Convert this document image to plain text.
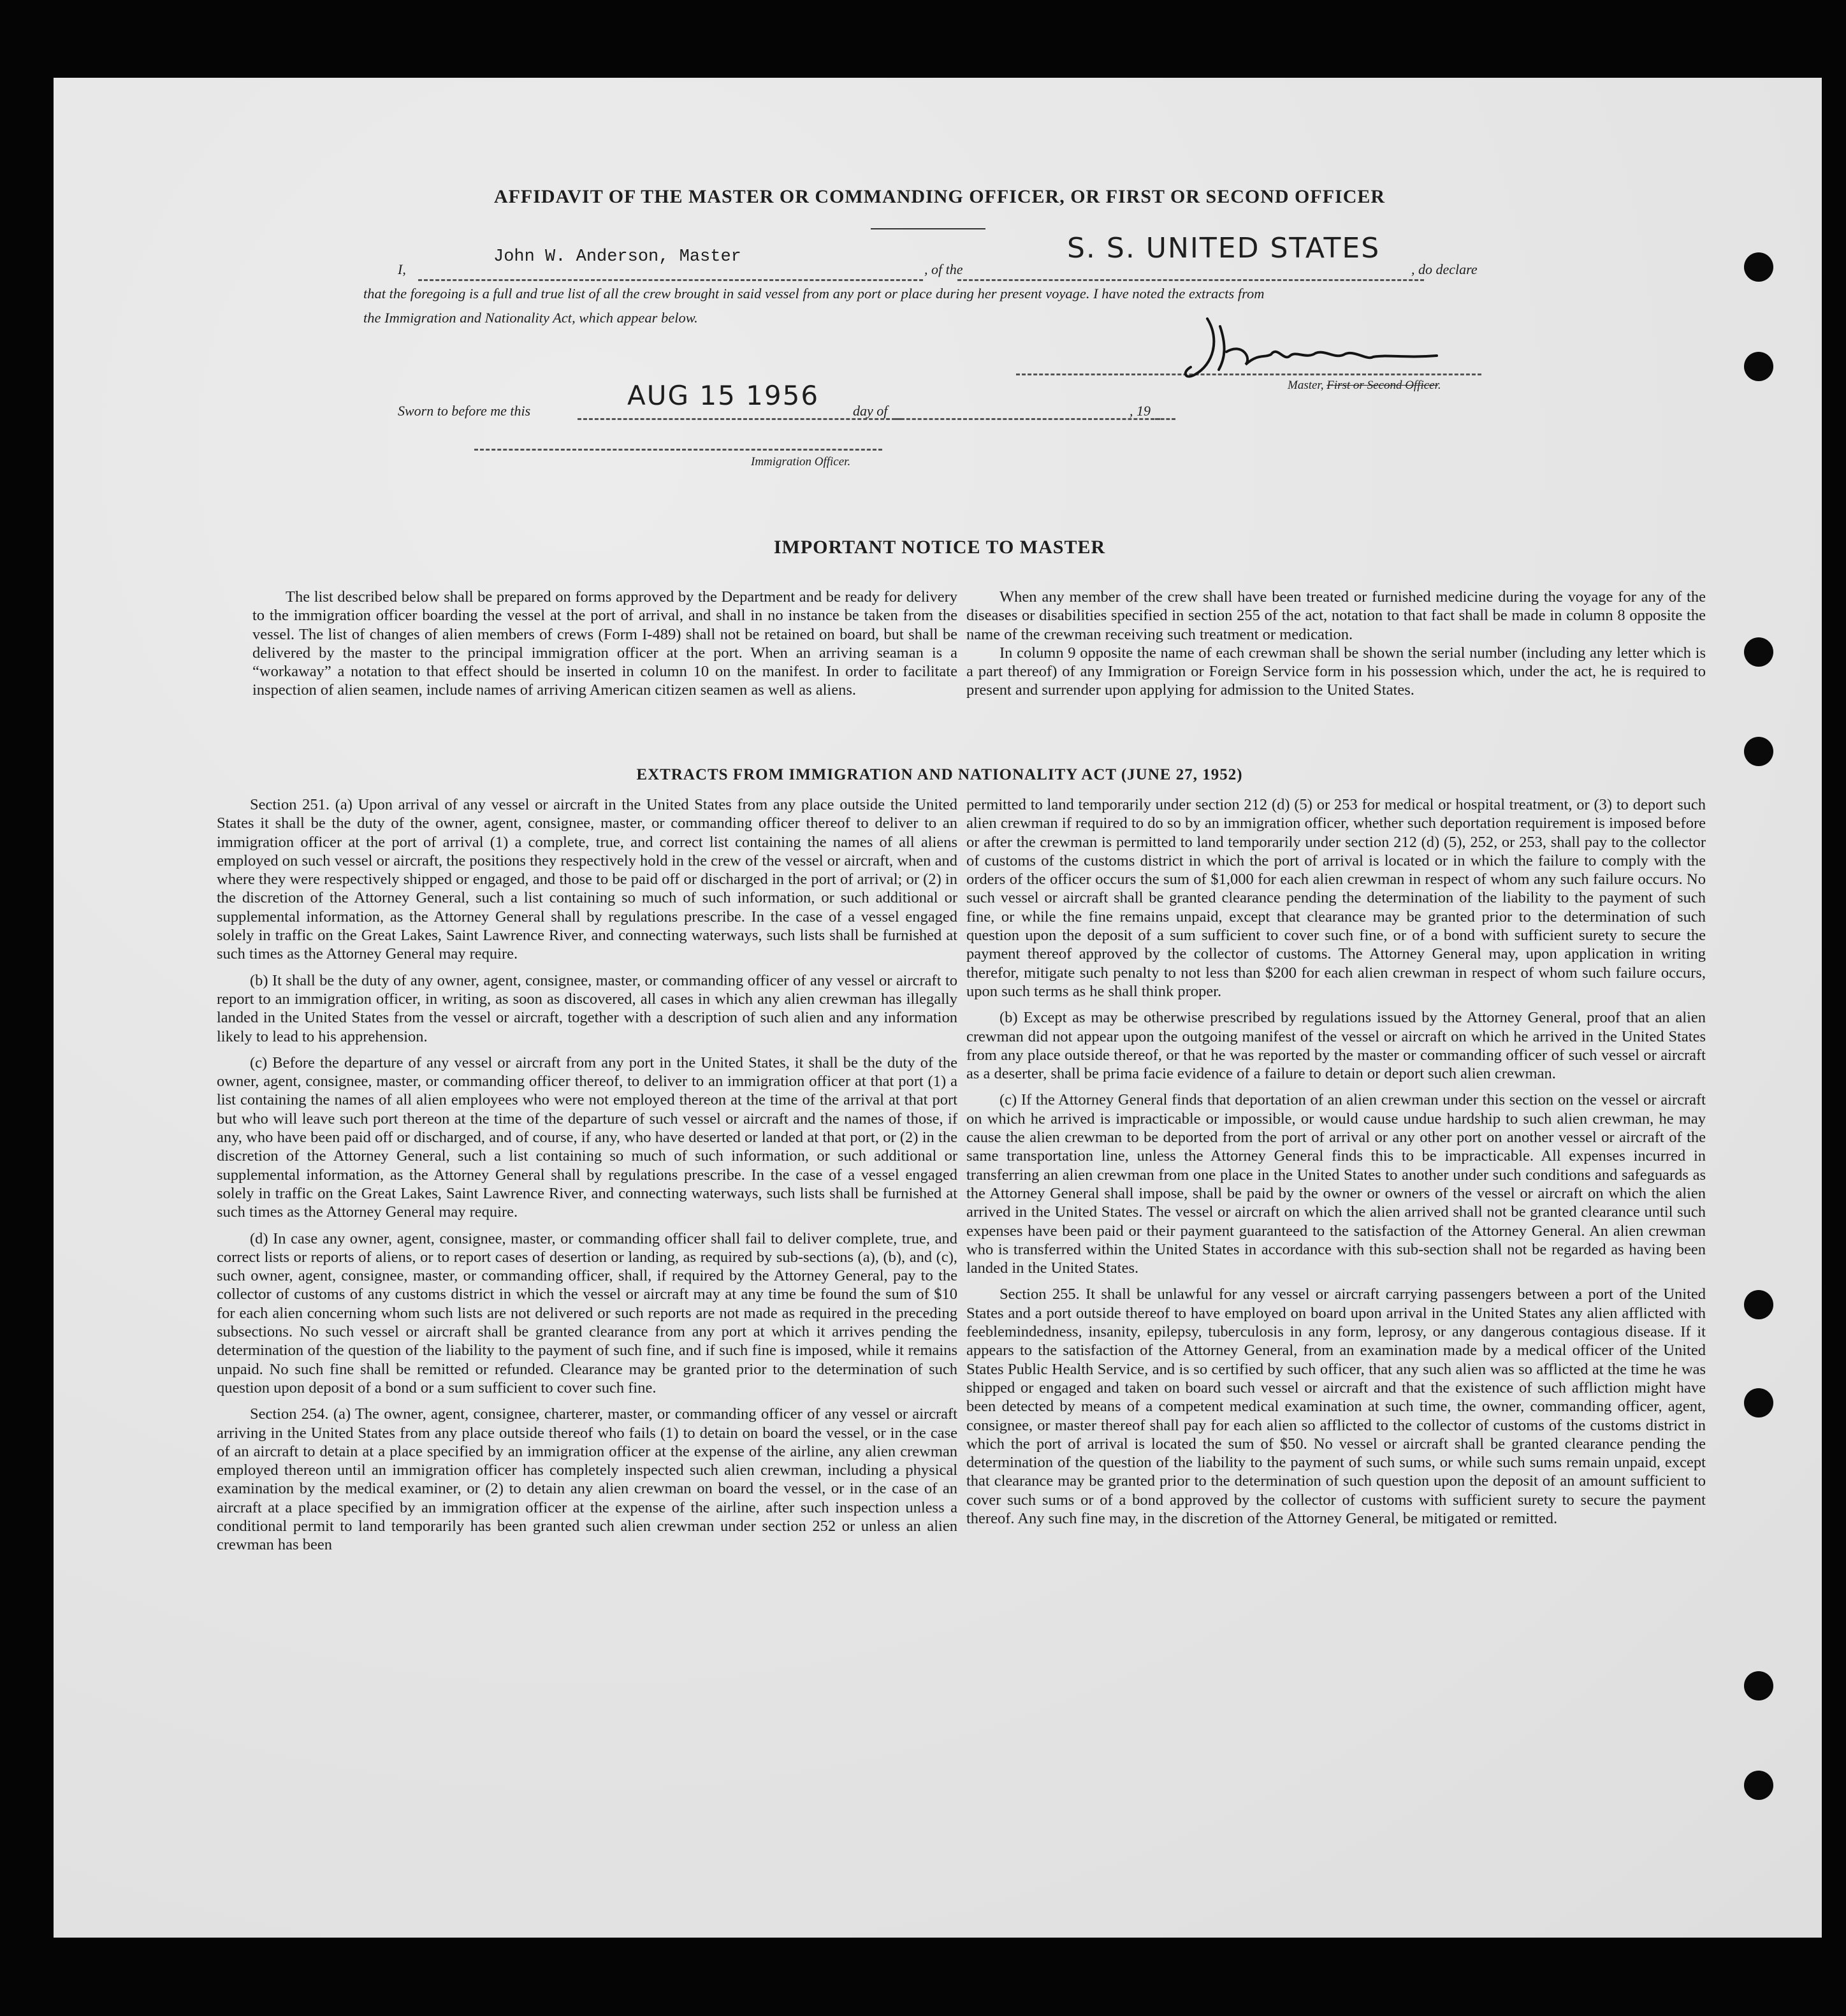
AFFIDAVIT OF THE MASTER OR COMMANDING OFFICER, OR FIRST OR SECOND OFFICER
I,
John W. Anderson, Master
, of the
S. S. UNITED STATES
, do declare
that the foregoing is a full and true list of all the crew brought in said vessel from any port or place during her present voyage. I have noted the extracts from
the Immigration and Nationality Act, which appear below.
Master, First or Second Officer.
Sworn to before me this	AUG 15 1956 day of	, 19
Immigration Officer.
IMPORTANT NOTICE TO MASTER

The list described below shall be prepared on forms approved by the Department and be ready for delivery to the immigration officer boarding the vessel at the port of arrival, and shall in no instance be taken from the vessel. The list of changes of alien members of crews (Form I-489) shall not be retained on board, but shall be delivered by the master to the principal immigration officer at the port. When an arriving seaman is a “workaway” a notation to that effect should be inserted in column 10 on the manifest. In order to facilitate inspection of alien seamen, include names of arriving American citizen seamen as well as aliens.

When any member of the crew shall have been treated or furnished medicine during the voyage for any of the diseases or disabilities specified in section 255 of the act, notation to that fact shall be made in column 8 opposite the name of the crewman receiving such treatment or medication.

In column 9 opposite the name of each crewman shall be shown the serial number (including any letter which is a part thereof) of any Immigration or Foreign Service form in his possession which, under the act, he is required to present and surrender upon applying for admission to the United States.

EXTRACTS FROM IMMIGRATION AND NATIONALITY ACT (JUNE 27, 1952)

Section 251. (a) Upon arrival of any vessel or aircraft in the United States from any place outside the United States it shall be the duty of the owner, agent, consignee, master, or commanding officer thereof to deliver to an immigration officer at the port of arrival (1) a complete, true, and correct list containing the names of all aliens employed on such vessel or aircraft, the positions they respectively hold in the crew of the vessel or aircraft, when and where they were respectively shipped or engaged, and those to be paid off or discharged in the port of arrival; or (2) in the discretion of the Attorney General, such a list containing so much of such information, or such additional or supplemental information, as the Attorney General shall by regulations prescribe. In the case of a vessel engaged solely in traffic on the Great Lakes, Saint Lawrence River, and connecting waterways, such lists shall be furnished at such times as the Attorney General may require.

(b) It shall be the duty of any owner, agent, consignee, master, or commanding officer of any vessel or aircraft to report to an immigration officer, in writing, as soon as discovered, all cases in which any alien crewman has illegally landed in the United States from the vessel or aircraft, together with a description of such alien and any information likely to lead to his apprehension.

(c) Before the departure of any vessel or aircraft from any port in the United States, it shall be the duty of the owner, agent, consignee, master, or commanding officer thereof, to deliver to an immigration officer at that port (1) a list containing the names of all alien employees who were not employed thereon at the time of the arrival at that port but who will leave such port thereon at the time of the departure of such vessel or aircraft and the names of those, if any, who have been paid off or discharged, and of course, if any, who have deserted or landed at that port, or (2) in the discretion of the Attorney General, such a list containing so much of such information, or such additional or supplemental information, as the Attorney General shall by regulations prescribe. In the case of a vessel engaged solely in traffic on the Great Lakes, Saint Lawrence River, and connecting waterways, such lists shall be furnished at such times as the Attorney General may require.

(d) In case any owner, agent, consignee, master, or commanding officer shall fail to deliver complete, true, and correct lists or reports of aliens, or to report cases of desertion or landing, as required by sub-sections (a), (b), and (c), such owner, agent, consignee, master, or commanding officer, shall, if required by the Attorney General, pay to the collector of customs of any customs district in which the vessel or aircraft may at any time be found the sum of $10 for each alien concerning whom such lists are not delivered or such reports are not made as required in the preceding subsections. No such vessel or aircraft shall be granted clearance from any port at which it arrives pending the determination of the question of the liability to the payment of such fine, and if such fine is imposed, while it remains unpaid. No such fine shall be remitted or refunded. Clearance may be granted prior to the determination of such question upon deposit of a bond or a sum sufficient to cover such fine.

Section 254. (a) The owner, agent, consignee, charterer, master, or commanding officer of any vessel or aircraft arriving in the United States from any place outside thereof who fails (1) to detain on board the vessel, or in the case of an aircraft to detain at a place specified by an immigration officer at the expense of the airline, any alien crewman employed thereon until an immigration officer has completely inspected such alien crewman, including a physical examination by the medical examiner, or (2) to detain any alien crewman on board the vessel, or in the case of an aircraft at a place specified by an immigration officer at the expense of the airline, after such inspection unless a conditional permit to land temporarily has been granted such alien crewman under section 252 or unless an alien crewman has been

permitted to land temporarily under section 212 (d) (5) or 253 for medical or hospital treatment, or (3) to deport such alien crewman if required to do so by an immigration officer, whether such deportation requirement is imposed before or after the crewman is permitted to land temporarily under section 212 (d) (5), 252, or 253, shall pay to the collector of customs of the customs district in which the port of arrival is located or in which the failure to comply with the orders of the officer occurs the sum of $1,000 for each alien crewman in respect of whom any such failure occurs. No such vessel or aircraft shall be granted clearance pending the determination of the liability to the payment of such fine, or while the fine remains unpaid, except that clearance may be granted prior to the determination of such question upon the deposit of a sum sufficient to cover such fine, or of a bond with sufficient surety to secure the payment thereof approved by the collector of customs. The Attorney General may, upon application in writing therefor, mitigate such penalty to not less than $200 for each alien crewman in respect of whom such failure occurs, upon such terms as he shall think proper.

(b) Except as may be otherwise prescribed by regulations issued by the Attorney General, proof that an alien crewman did not appear upon the outgoing manifest of the vessel or aircraft on which he arrived in the United States from any place outside thereof, or that he was reported by the master or commanding officer of such vessel or aircraft as a deserter, shall be prima facie evidence of a failure to detain or deport such alien crewman.

(c) If the Attorney General finds that deportation of an alien crewman under this section on the vessel or aircraft on which he arrived is impracticable or impossible, or would cause undue hardship to such alien crewman, he may cause the alien crewman to be deported from the port of arrival or any other port on another vessel or aircraft of the same transportation line, unless the Attorney General finds this to be impracticable. All expenses incurred in transferring an alien crewman from one place in the United States to another under such conditions and safeguards as the Attorney General shall impose, shall be paid by the owner or owners of the vessel or aircraft on which the alien arrived in the United States. The vessel or aircraft on which the alien arrived shall not be granted clearance until such expenses have been paid or their payment guaranteed to the satisfaction of the Attorney General. An alien crewman who is transferred within the United States in accordance with this sub-section shall not be regarded as having been landed in the United States.

Section 255. It shall be unlawful for any vessel or aircraft carrying passengers between a port of the United States and a port outside thereof to have employed on board upon arrival in the United States any alien afflicted with feeblemindedness, insanity, epilepsy, tuberculosis in any form, leprosy, or any dangerous contagious disease. If it appears to the satisfaction of the Attorney General, from an examination made by a medical officer of the United States Public Health Service, and is so certified by such officer, that any such alien was so afflicted at the time he was shipped or engaged and taken on board such vessel or aircraft and that the existence of such affliction might have been detected by means of a competent medical examination at such time, the owner, commanding officer, agent, consignee, or master thereof shall pay for each alien so afflicted to the collector of customs of the customs district in which the port of arrival is located the sum of $50. No vessel or aircraft shall be granted clearance pending the determination of the question of the liability to the payment of such sums, or while such sums remain unpaid, except that clearance may be granted prior to the determination of such question upon the deposit of an amount sufficient to cover such sums or of a bond approved by the collector of customs with sufficient surety to secure the payment thereof. Any such fine may, in the discretion of the Attorney General, be mitigated or remitted.
